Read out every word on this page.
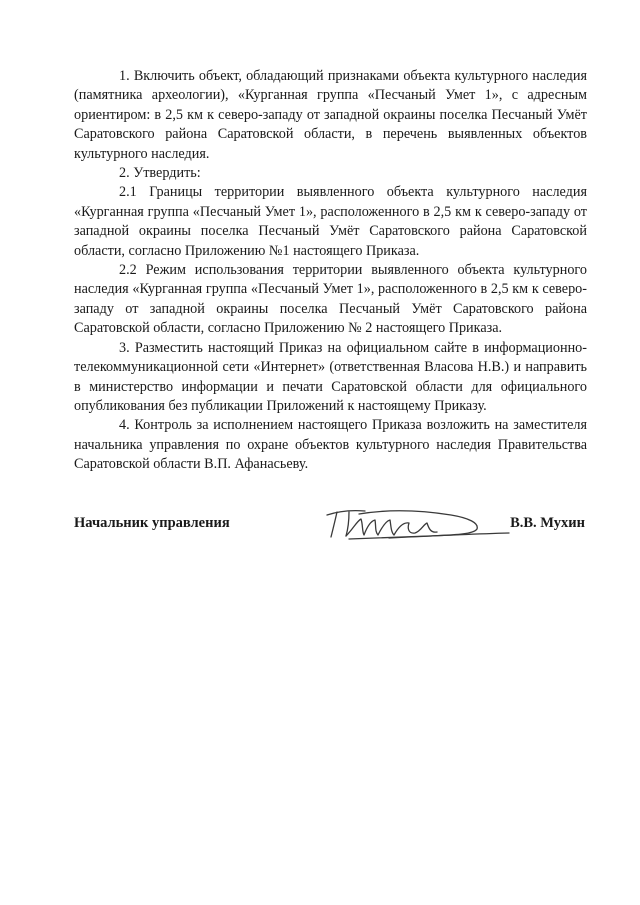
1. Включить объект, обладающий признаками объекта культурного наследия (памятника археологии), «Курганная группа «Песчаный Умет 1», с адресным ориентиром: в 2,5 км к северо-западу от западной окраины поселка Песчаный Умёт Саратовского района Саратовской области, в перечень выявленных объектов культурного наследия.

2. Утвердить:

2.1 Границы территории выявленного объекта культурного наследия «Курганная группа «Песчаный Умет 1», расположенного в 2,5 км к северо-западу от западной окраины поселка Песчаный Умёт Саратовского района Саратовской области, согласно Приложению №1 настоящего Приказа.

2.2 Режим использования территории выявленного объекта культурного наследия «Курганная группа «Песчаный Умет 1», расположенного в 2,5 км к северо-западу от западной окраины поселка Песчаный Умёт Саратовского района Саратовской области, согласно Приложению № 2 настоящего Приказа.

3. Разместить настоящий Приказ на официальном сайте в информационно-телекоммуникационной сети «Интернет» (ответственная Власова Н.В.) и направить в министерство информации и печати Саратовской области для официального опубликования без публикации Приложений к настоящему Приказу.

4. Контроль за исполнением настоящего Приказа возложить на заместителя начальника управления по охране объектов культурного наследия Правительства Саратовской области В.П. Афанасьеву.

Начальник управления	В.В. Мухин
